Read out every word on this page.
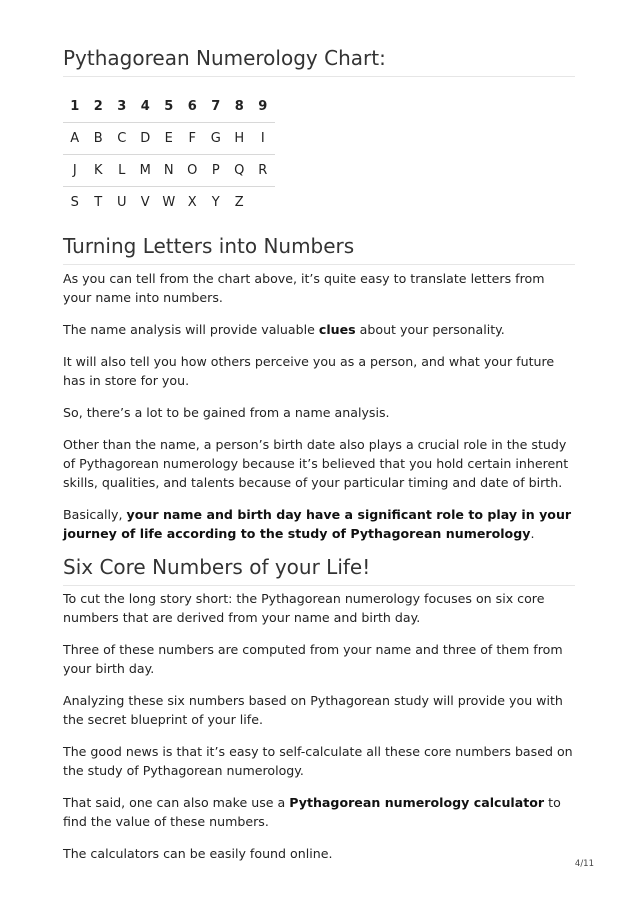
Pythagorean Numerology Chart:
1	2	3	4	5	6	7	8	9
A	B	C	D	E	F	G	H	I
J	K	L	M	N	O	P	Q	R
S	T	U	V	W	X	Y	Z	
Turning Letters into Numbers

As you can tell from the chart above, it’s quite easy to translate letters from your name into numbers.

The name analysis will provide valuable clues about your personality.

It will also tell you how others perceive you as a person, and what your future has in store for you.

So, there’s a lot to be gained from a name analysis.

Other than the name, a person’s birth date also plays a crucial role in the study of Pythagorean numerology because it’s believed that you hold certain inherent skills, qualities, and talents because of your particular timing and date of birth.

Basically, your name and birth day have a significant role to play in your journey of life according to the study of Pythagorean numerology.

Six Core Numbers of your Life!

To cut the long story short: the Pythagorean numerology focuses on six core numbers that are derived from your name and birth day.

Three of these numbers are computed from your name and three of them from your birth day.

Analyzing these six numbers based on Pythagorean study will provide you with the secret blueprint of your life.

The good news is that it’s easy to self-calculate all these core numbers based on the study of Pythagorean numerology.

That said, one can also make use a Pythagorean numerology calculator to find the value of these numbers.

The calculators can be easily found online.

4/11
